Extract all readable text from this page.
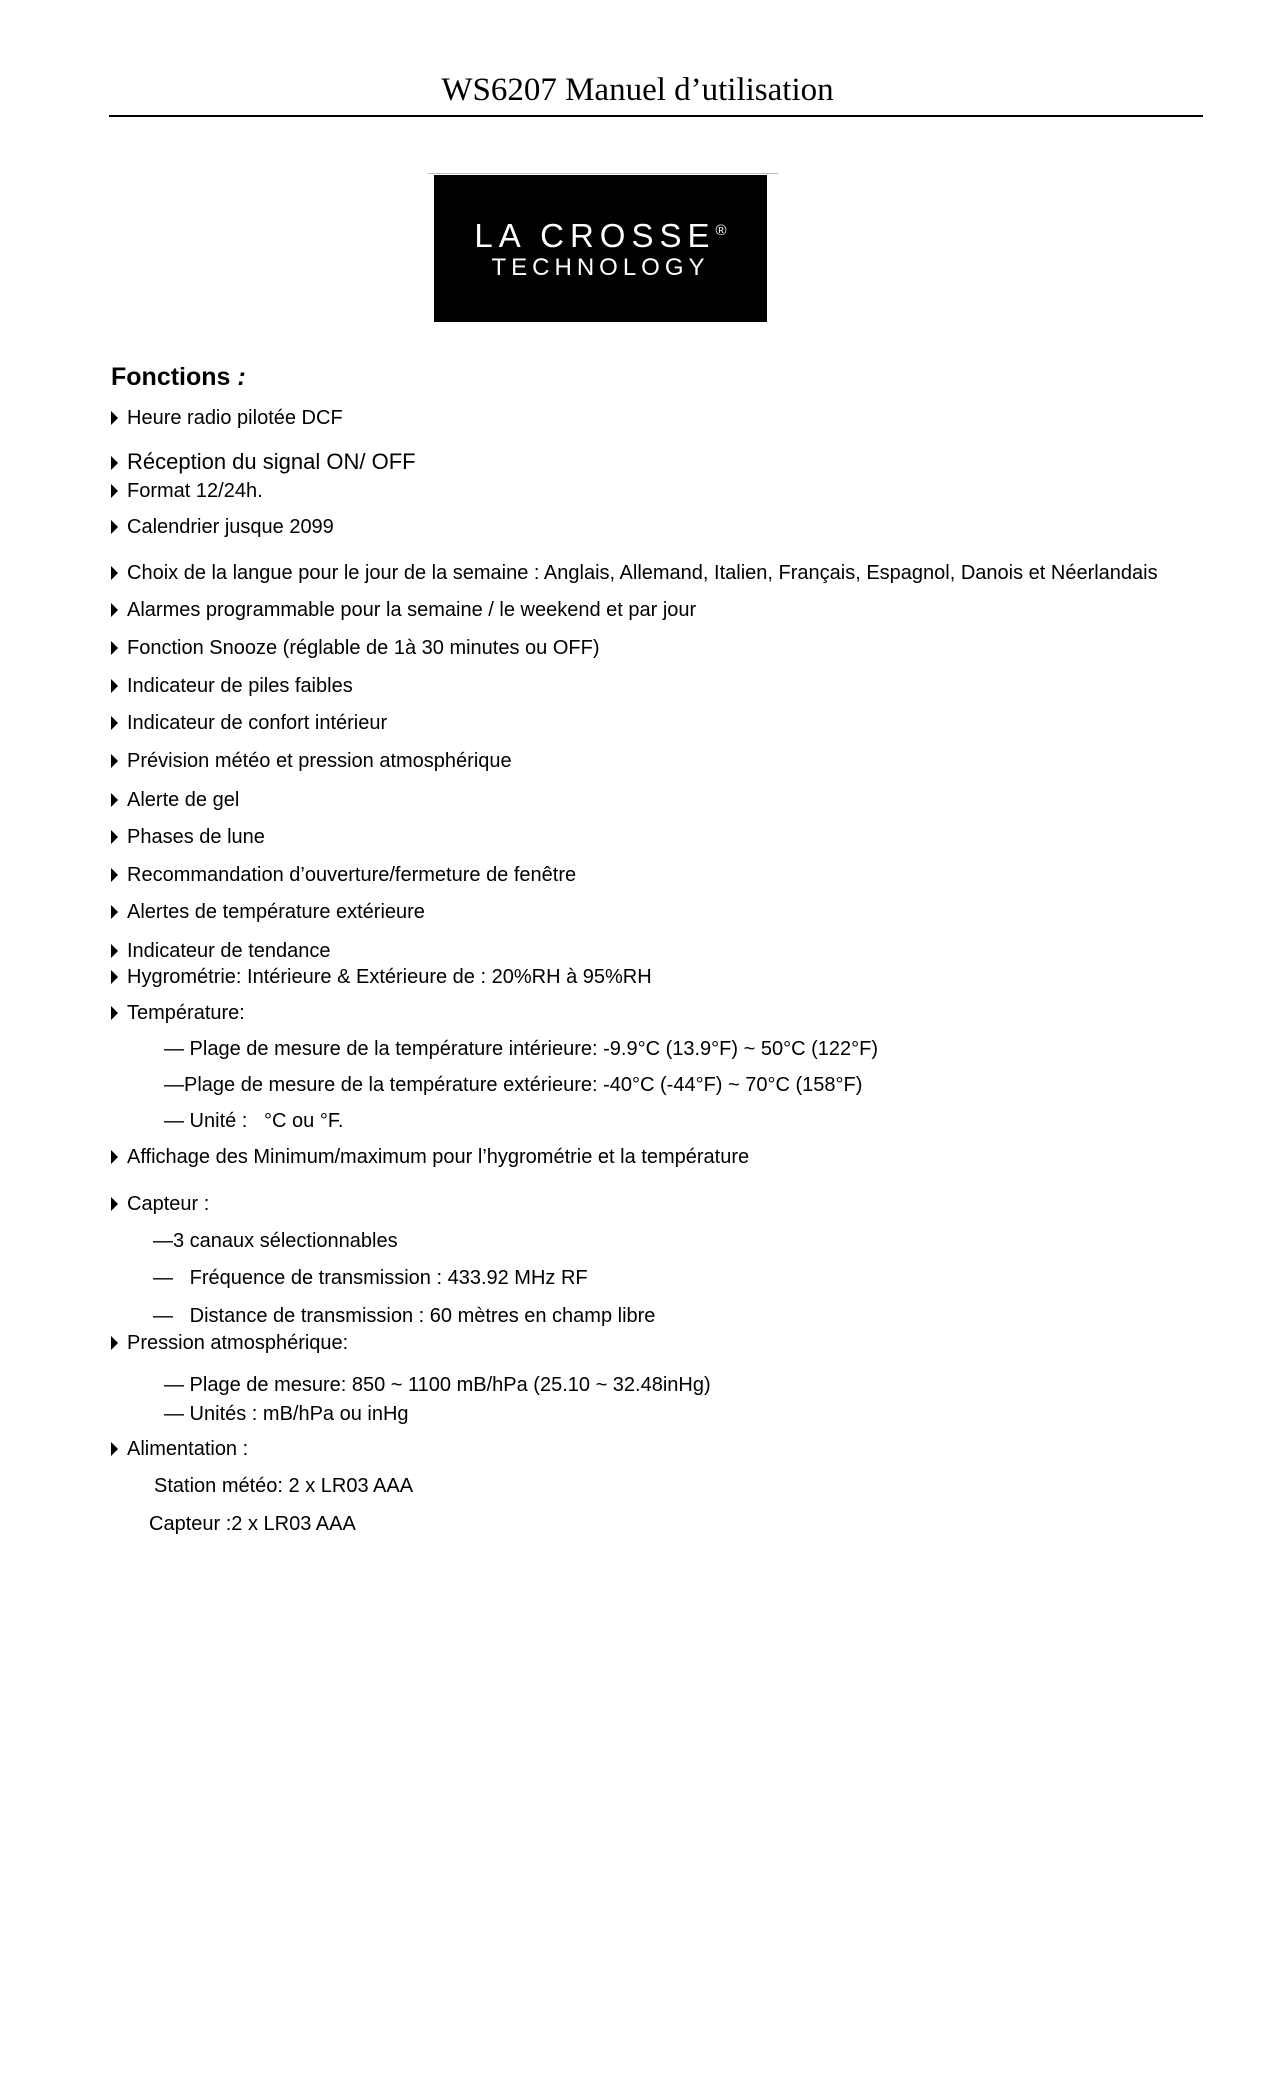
WS6207 Manuel d’utilisation
LA CROSSE®
TECHNOLOGY
Fonctions :
Heure radio pilotée DCF
Réception du signal ON/ OFF
Format 12/24h.
Calendrier jusque 2099
Choix de la langue pour le jour de la semaine : Anglais, Allemand, Italien, Français, Espagnol, Danois et Néerlandais
Alarmes programmable pour la semaine / le weekend et par jour
Fonction Snooze (réglable de 1à 30 minutes ou OFF)
Indicateur de piles faibles
Indicateur de confort intérieur
Prévision météo et pression atmosphérique
Alerte de gel
Phases de lune
Recommandation d’ouverture/fermeture de fenêtre
Alertes de température extérieure
Indicateur de tendance
Hygrométrie: Intérieure & Extérieure de : 20%RH à 95%RH
Température:
— Plage de mesure de la température intérieure: -9.9°C (13.9°F) ~ 50°C (122°F)
—Plage de mesure de la température extérieure: -40°C (-44°F) ~ 70°C (158°F)
— Unité :   °C ou °F.
Affichage des Minimum/maximum pour l’hygrométrie et la température
Capteur :
—3 canaux sélectionnables
—   Fréquence de transmission : 433.92 MHz RF
—   Distance de transmission : 60 mètres en champ libre
Pression atmosphérique:
— Plage de mesure: 850 ~ 1100 mB/hPa (25.10 ~ 32.48inHg)
— Unités : mB/hPa ou inHg
Alimentation :
Station météo: 2 x LR03 AAA
Capteur :2 x LR03 AAA
